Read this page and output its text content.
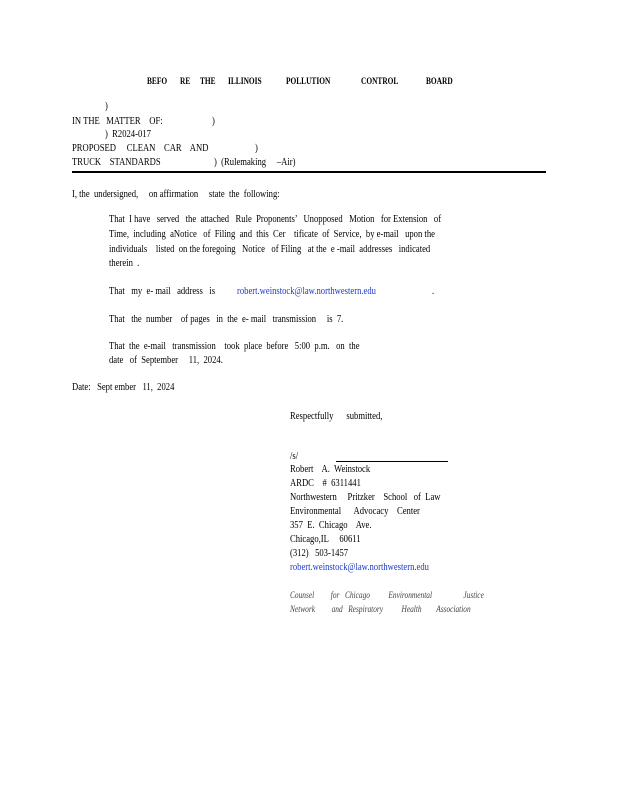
BEFO RE THE ILLINOIS	POLLUTION	CONTROL	BOARD
)
IN THE   MATTER    OF:	)
)  R2024-017
PROPOSED     CLEAN    CAR    AND	)
TRUCK    STANDARDS	)  (Rulemaking     –Air)
I, the  undersigned,     on affirmation     state  the  following:
That  I have   served   the  attached   Rule  Proponents’   Unopposed   Motion   for Extension   of
Time,  including  aNotice   of  Filing  and  this  Cer    tificate  of  Service,  by e-mail   upon the
individuals    listed  on the foregoing   Notice   of Filing   at the  e -mail  addresses   indicated
therein  .
That   my  e- mail   address   is robert.weinstock@law.northwestern.edu	.
That   the  number    of pages   in  the  e- mail   transmission     is  7.
That  the  e-mail   transmission    took  place  before   5:00  p.m.   on  the
date   of  September     11,  2024.
Date:   Sept ember   11,  2024
Respectfully      submitted,
/s/
Robert    A.  Weinstock
ARDC    #  6311441
Northwestern     Pritzker    School   of  Law
Environmental      Advocacy    Center
357  E.  Chicago    Ave.
Chicago,IL     60611
(312)   503-1457
robert.weinstock@law.northwestern.edu
Counsel         for   Chicago          Environmental                 Justice
Network         and   Respiratory          Health        Association
